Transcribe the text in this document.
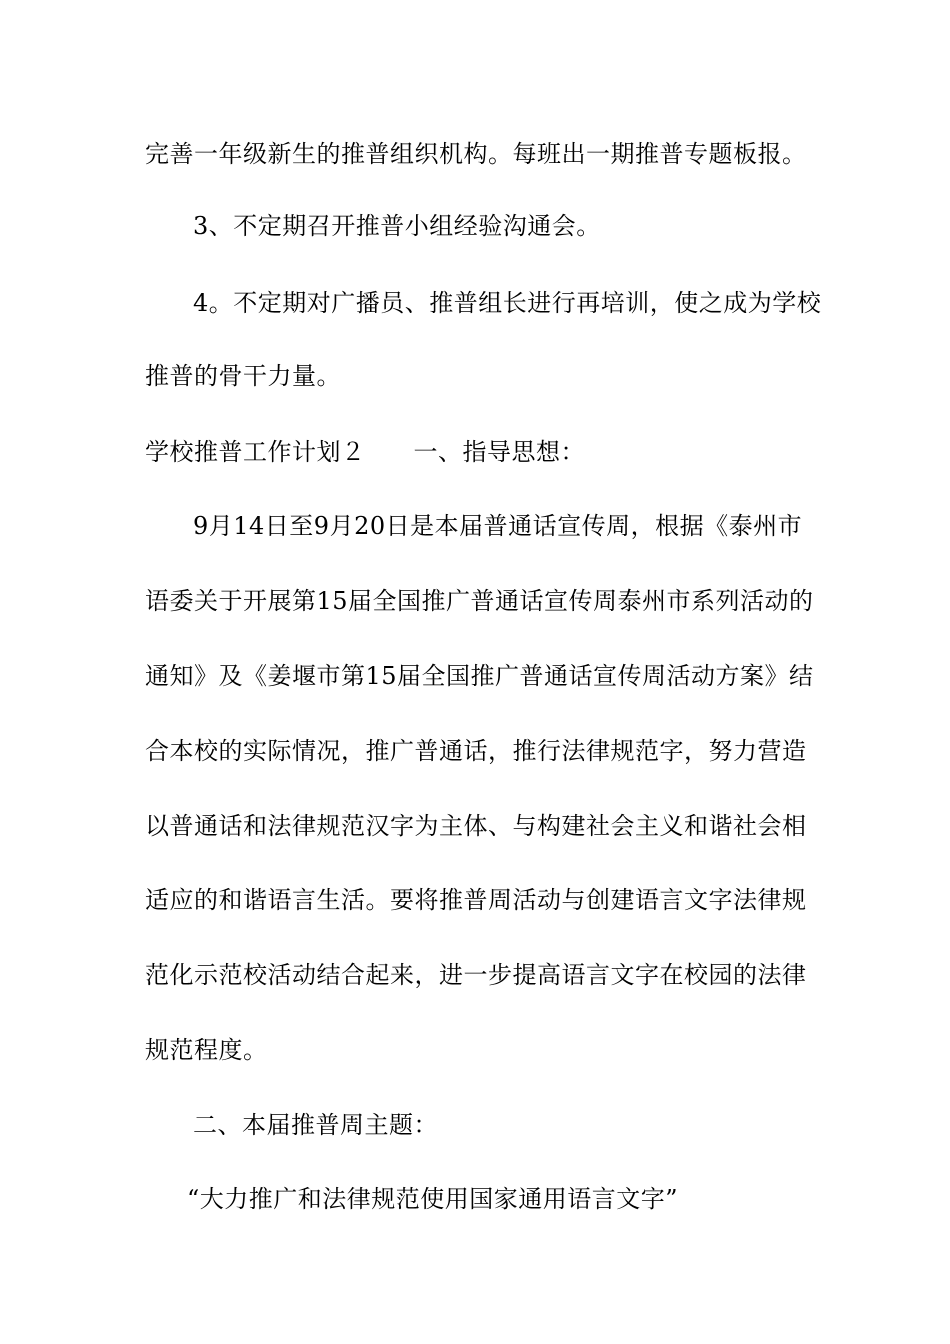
完善一年级新生的推普组织机构。每班出一期推普专题板报。
3、不定期召开推普小组经验沟通会。
4。不定期对广播员、推普组长进行再培训，使之成为学校
推普的骨干力量。
学校推普工作计划２ 一、指导思想：
9月14日至9月20日是本届普通话宣传周，根据《泰州市
语委关于开展第15届全国推广普通话宣传周泰州市系列活动的
通知》及《姜堰市第15届全国推广普通话宣传周活动方案》结
合本校的实际情况，推广普通话，推行法律规范字，努力营造
以普通话和法律规范汉字为主体、与构建社会主义和谐社会相
适应的和谐语言生活。要将推普周活动与创建语言文字法律规
范化示范校活动结合起来，进一步提高语言文字在校园的法律
规范程度。
二、本届推普周主题：
“大力推广和法律规范使用国家通用语言文字”
